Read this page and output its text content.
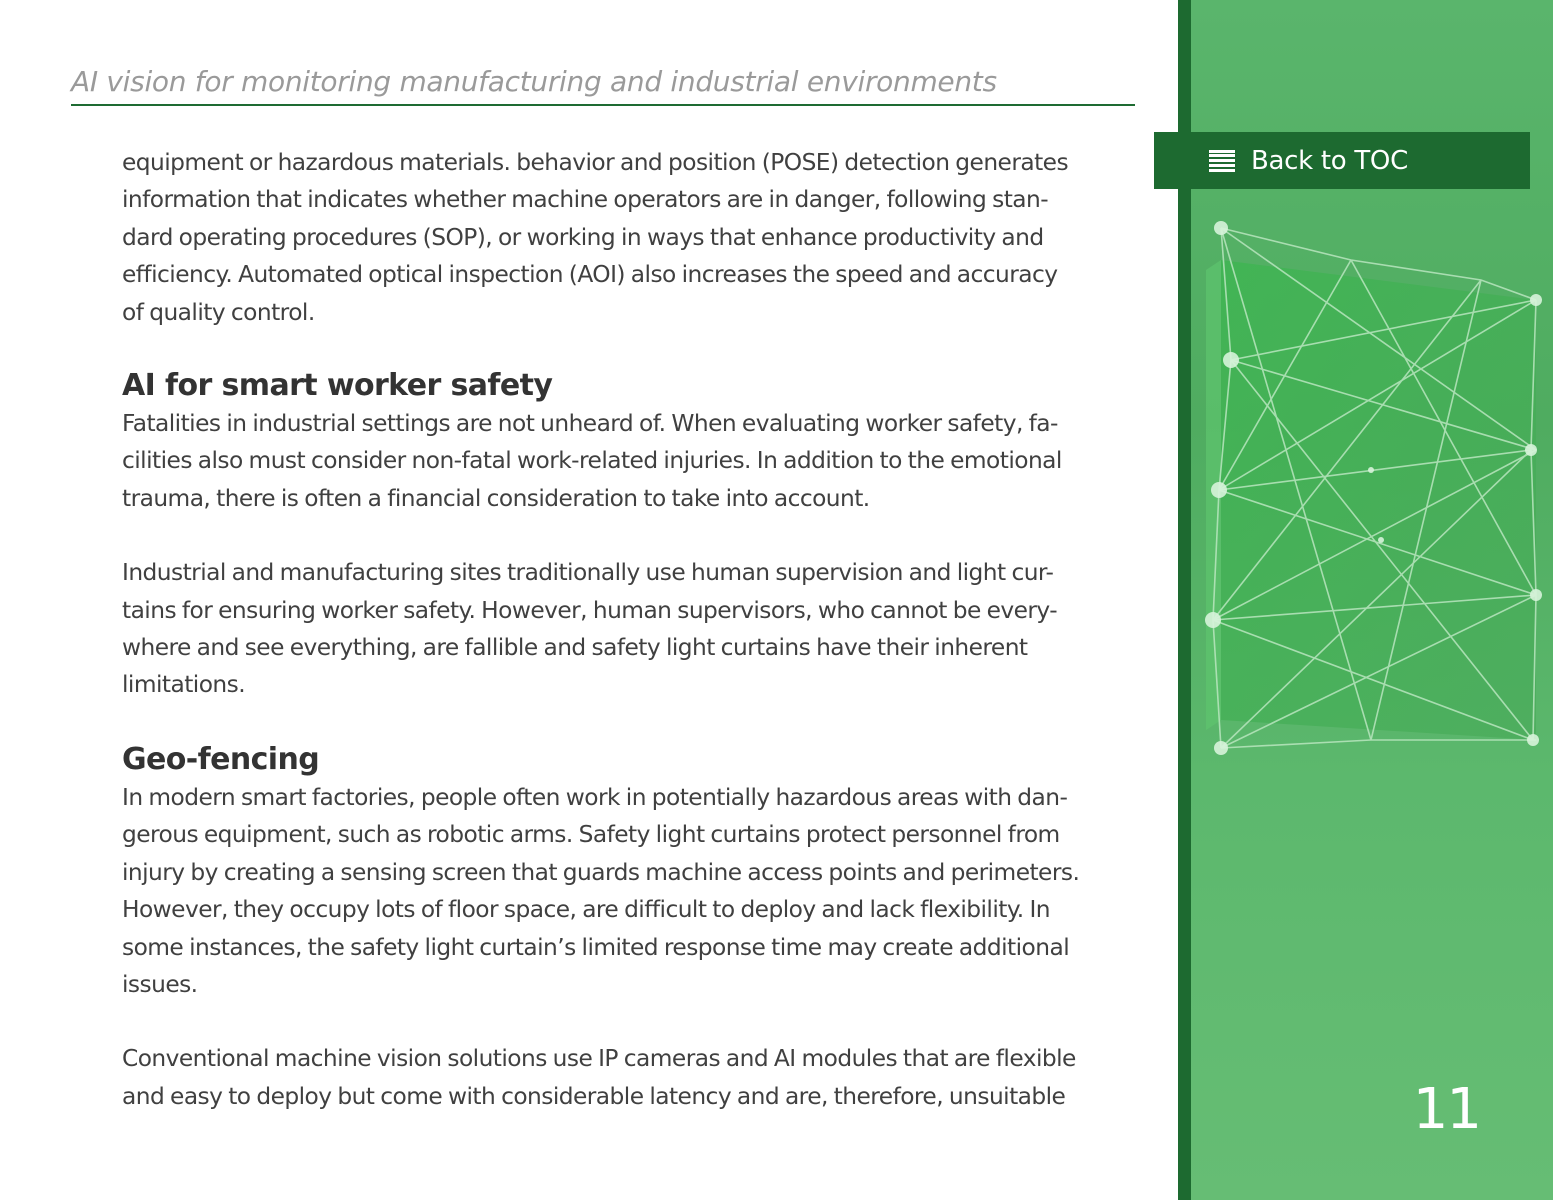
AI vision for monitoring manufacturing and industrial environments

equipment or hazardous materials. behavior and position (POSE) detection generates
information that indicates whether machine operators are in danger, following stan-
dard operating procedures (SOP), or working in ways that enhance productivity and
efficiency. Automated optical inspection (AOI) also increases the speed and accuracy
of quality control.

AI for smart worker safety

Fatalities in industrial settings are not unheard of. When evaluating worker safety, fa-
cilities also must consider non-fatal work-related injuries. In addition to the emotional
trauma, there is often a financial consideration to take into account.

Industrial and manufacturing sites traditionally use human supervision and light cur-
tains for ensuring worker safety. However, human supervisors, who cannot be every-
where and see everything, are fallible and safety light curtains have their inherent
limitations.

Geo-fencing

In modern smart factories, people often work in potentially hazardous areas with dan-
gerous equipment, such as robotic arms. Safety light curtains protect personnel from
injury by creating a sensing screen that guards machine access points and perimeters.
However, they occupy lots of floor space, are difficult to deploy and lack flexibility. In
some instances, the safety light curtain’s limited response time may create additional
issues.

Conventional machine vision solutions use IP cameras and AI modules that are flexible
and easy to deploy but come with considerable latency and are, therefore, unsuitable	11
Back to TOC
